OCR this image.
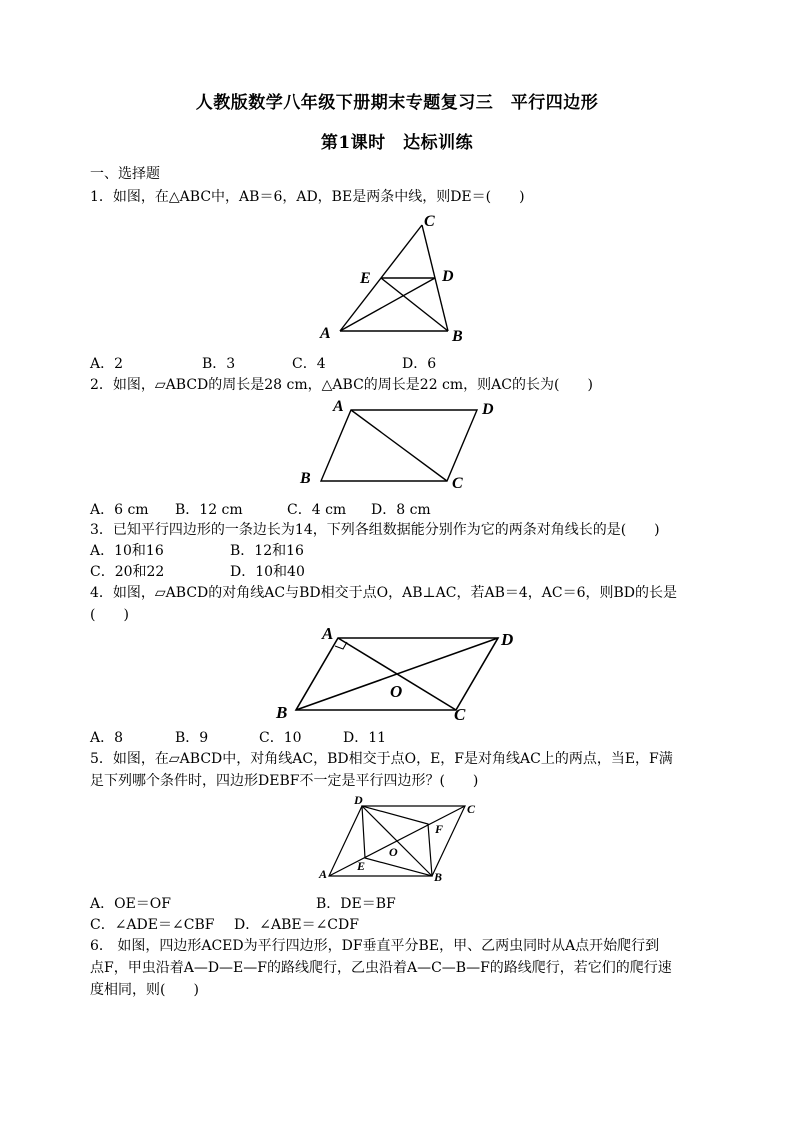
人教版数学八年级下册期末专题复习三　平行四边形
第1课时　达标训练
一、选择题
1．如图，在△ABC中，AB＝6，AD，BE是两条中线，则DE＝(　　)
A	B
C
D
E
A．2	B．3	C．4	D．6
2．如图，▱ABCD的周长是28 cm，△ABC的周长是22 cm，则AC的长为(　　)
A	D
B	C
A．6 cm B．12 cm	C．4 cm D．8 cm
3．已知平行四边形的一条边长为14，下列各组数据能分别作为它的两条对角线长的是(　　)
A．10和16	B．12和16
C．20和22	D．10和40
4．如图，▱ABCD的对角线AC与BD相交于点O，AB⊥AC，若AB＝4，AC＝6，则BD的长是
(　　)
A	D
B	C
O
A．8	B．9	C．10	D．11
5．如图，在▱ABCD中，对角线AC，BD相交于点O，E，F是对角线AC上的两点，当E，F满
足下列哪个条件时，四边形DEBF不一定是平行四边形？(　　)
D
C
A	B
E
F
O
A．OE＝OF	B．DE＝BF
C．∠ADE＝∠CBF D．∠ABE＝∠CDF
6． 如图，四边形ACED为平行四边形，DF垂直平分BE，甲、乙两虫同时从A点开始爬行到
点F，甲虫沿着A—D—E—F的路线爬行，乙虫沿着A—C—B—F的路线爬行，若它们的爬行速
度相同，则(　　)
